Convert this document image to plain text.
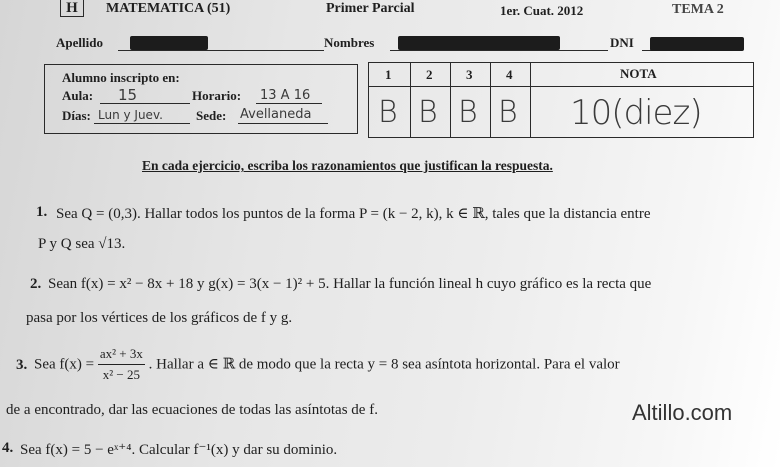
H	MATEMATICA (51)	Primer Parcial	1er. Cuat. 2012	TEMA 2
Apellido	Nombres	DNI
Alumno inscripto en:
Aula: 15	Horario: 13 A 16
Días: Lun y Juev.	Sede: Avellaneda
1	2	3	4	NOTA
B B B B 10(diez)
En cada ejercicio, escriba los razonamientos que justifican la respuesta.
1. Sea Q = (0,3). Hallar todos los puntos de la forma P = (k − 2, k), k ∈ ℝ, tales que la distancia entre
P y Q sea √13.
2. Sean f(x) = x² − 8x + 18 y g(x) = 3(x − 1)² + 5. Hallar la función lineal h cuyo gráfico es la recta que
pasa por los vértices de los gráficos de f y g.
3. Sea $f(x) = \frac{\text{ax² + 3x}}{\text{x² − 25}}$ . Hallar a ∈ ℝ de modo que la recta y = 8 sea asíntota horizontal. Para el valor
de a encontrado, dar las ecuaciones de todas las asíntotas de f.
4. Sea f(x) = 5 − eˣ⁺⁴. Calcular f⁻¹(x) y dar su dominio.
Altillo.com
